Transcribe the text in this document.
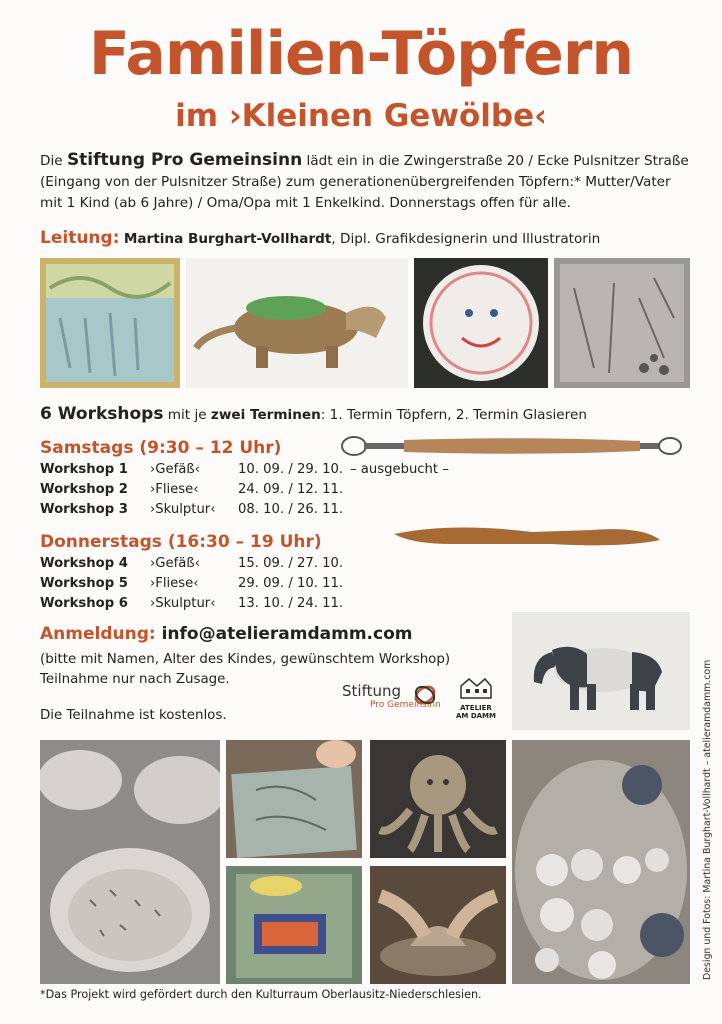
Familien-Töpfern
im ›Kleinen Gewölbe‹
Die Stiftung Pro Gemeinsinn lädt ein in die Zwingerstraße 20 / Ecke Pulsnitzer Straße (Eingang von der Pulsnitzer Straße) zum generationenübergreifenden Töpfern:* Mutter/Vater mit 1 Kind (ab 6 Jahre) / Oma/Opa mit 1 Enkelkind. Donnerstags offen für alle.
Leitung: Martina Burghart-Vollhardt, Dipl. Grafikdesignerin und Illustratorin
6 Workshops mit je zwei Terminen: 1. Termin Töpfern, 2. Termin Glasieren
Samstags (9:30 – 12 Uhr)
Workshop 1 ›Gefäß‹	10. 09. / 29. 10. – ausgebucht –
Workshop 2 ›Fliese‹	24. 09. / 12. 11.
Workshop 3 ›Skulptur‹ 08. 10. / 26. 11.
Donnerstags (16:30 – 19 Uhr)
Workshop 4 ›Gefäß‹	15. 09. / 27. 10.
Workshop 5 ›Fliese‹	29. 09. / 10. 11.
Workshop 6 ›Skulptur‹ 13. 10. / 24. 11.
Anmeldung: info@atelieramdamm.com
(bitte mit Namen, Alter des Kindes, gewünschtem Workshop)
Teilnahme nur nach Zusage.
Die Teilnahme ist kostenlos.
Stiftung
Pro Gemeinsinn	ATELIER
AM DAMM
*Das Projekt wird gefördert durch den Kulturraum Oberlausitz-Niederschlesien.
Design und Fotos: Martina Burghart-Vollhardt – atelieramdamm.com
